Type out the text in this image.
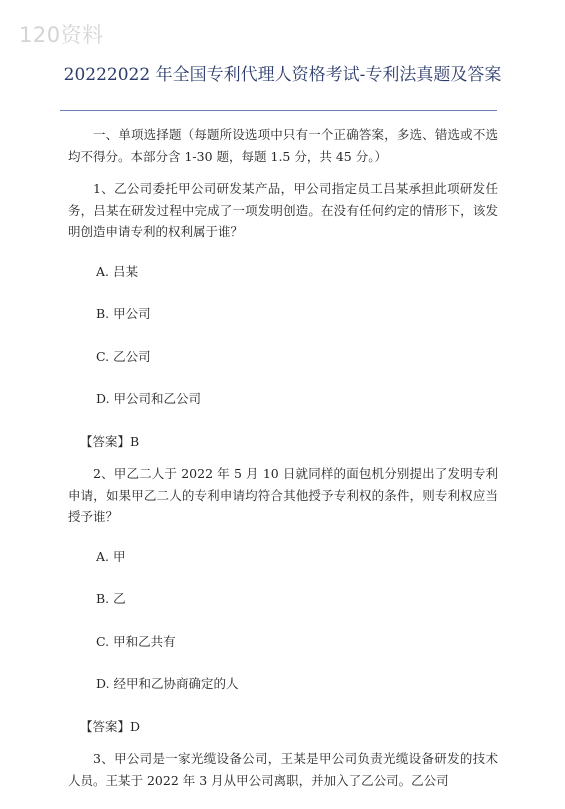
120资料
20222022 年全国专利代理人资格考试-专利法真题及答案

一、单项选择题（每题所设选项中只有一个正确答案，多选、错选或不选均不得分。本部分含 1-30 题，每题 1.5 分，共 45 分。）

1、乙公司委托甲公司研发某产品，甲公司指定员工吕某承担此项研发任务，吕某在研发过程中完成了一项发明创造。在没有任何约定的情形下，该发明创造申请专利的权利属于谁？

A. 吕某
B. 甲公司
C. 乙公司
D. 甲公司和乙公司
【答案】B

2、甲乙二人于 2022 年 5 月 10 日就同样的面包机分别提出了发明专利申请，如果甲乙二人的专利申请均符合其他授予专利权的条件，则专利权应当授予谁？

A. 甲
B. 乙
C. 甲和乙共有
D. 经甲和乙协商确定的人
【答案】D

3、甲公司是一家光缆设备公司，王某是甲公司负责光缆设备研发的技术人员。王某于 2022 年 3 月从甲公司离职，并加入了乙公司。乙公司
